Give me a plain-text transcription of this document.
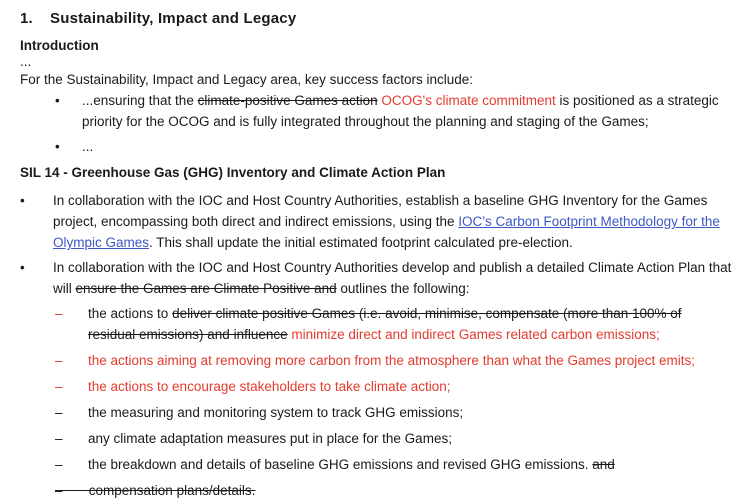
1.	Sustainability, Impact and Legacy
Introduction
...
For the Sustainability, Impact and Legacy area, key success factors include:
•	...ensuring that the climate-positive Games action OCOG's climate commitment is positioned as a strategic priority for the OCOG and is fully integrated throughout the planning and staging of the Games;
•	...
SIL 14 - Greenhouse Gas (GHG) Inventory and Climate Action Plan
•	In collaboration with the IOC and Host Country Authorities, establish a baseline GHG Inventory for the Games project, encompassing both direct and indirect emissions, using the IOC’s Carbon Footprint Methodology for the Olympic Games. This shall update the initial estimated footprint calculated pre-election.
•	In collaboration with the IOC and Host Country Authorities develop and publish a detailed Climate Action Plan that will ensure the Games are Climate Positive and outlines the following:
–	the actions to deliver climate positive Games (i.e. avoid, minimise, compensate (more than 100% of residual emissions) and influence minimize direct and indirect Games related carbon emissions;
–	the actions aiming at removing more carbon from the atmosphere than what the Games project emits;
–	the actions to encourage stakeholders to take climate action;
–	the measuring and monitoring system to track GHG emissions;
–	any climate adaptation measures put in place for the Games;
–	the breakdown and details of baseline GHG emissions and revised GHG emissions. and
–       compensation plans/details.
